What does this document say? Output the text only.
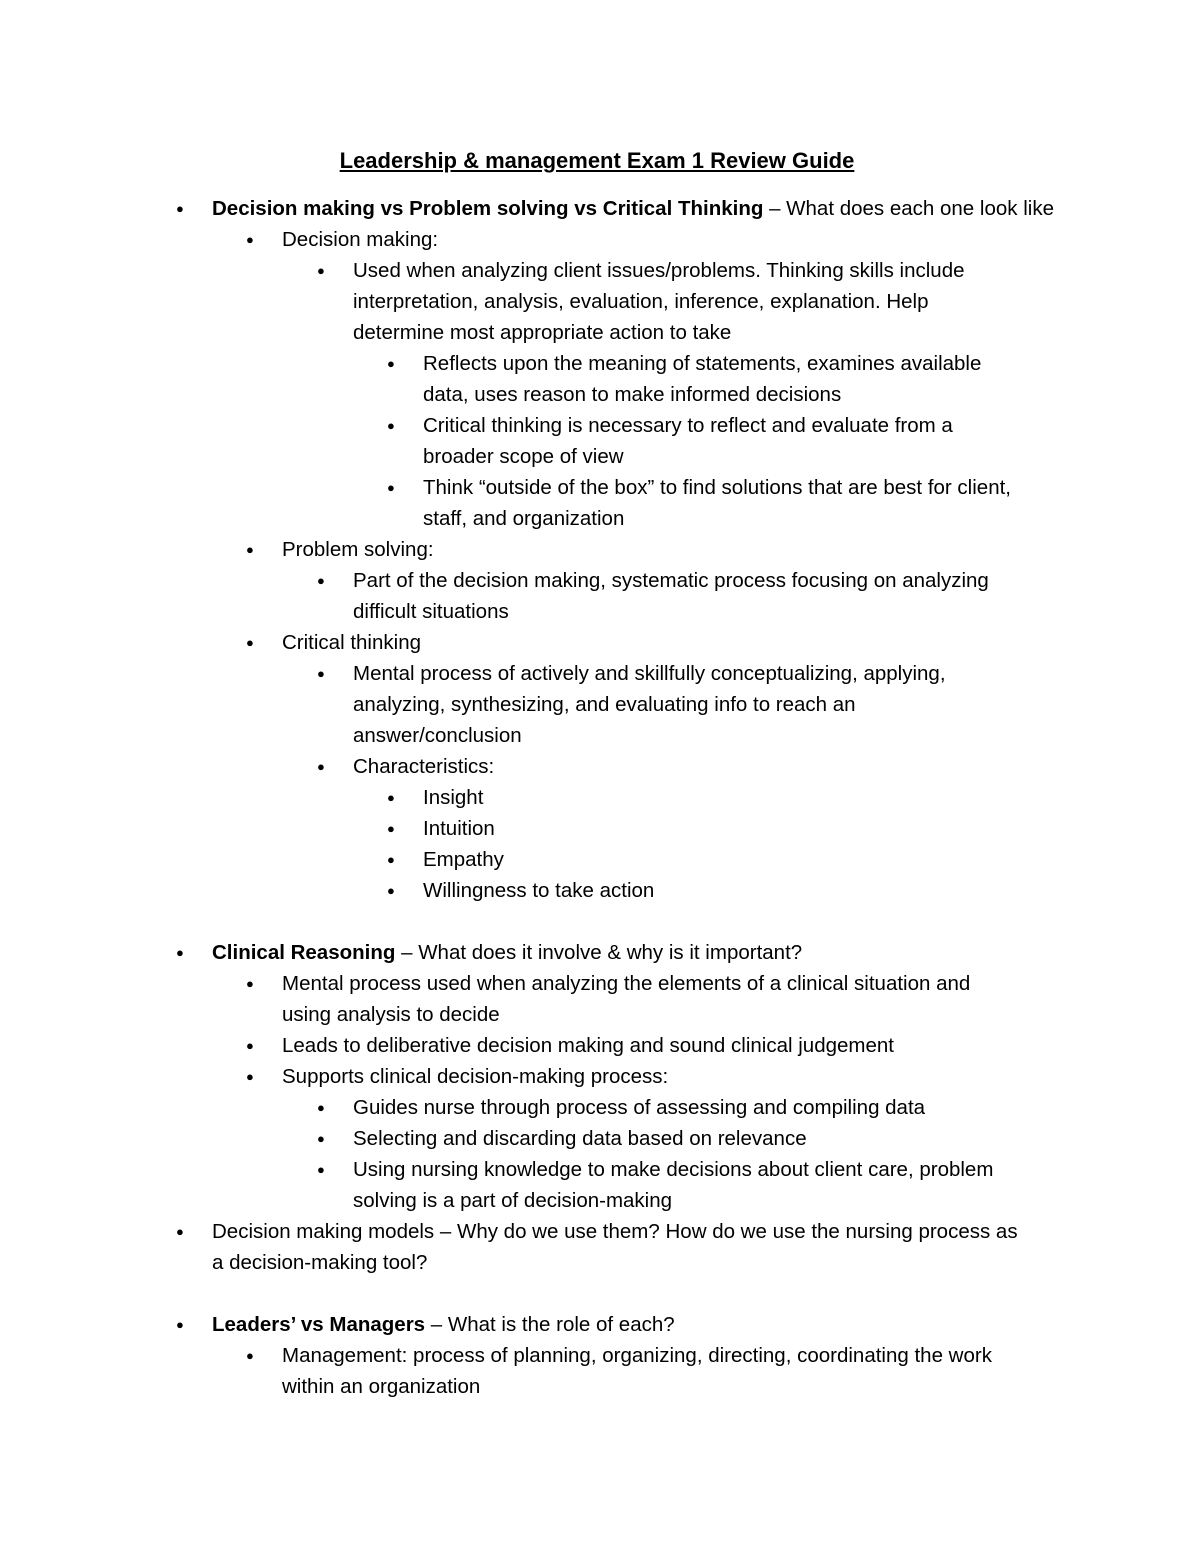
Leadership & management Exam 1 Review Guide
● Decision making vs Problem solving vs Critical Thinking – What does each one look like
● Decision making:
● Used when analyzing client issues/problems. Thinking skills include
interpretation, analysis, evaluation, inference, explanation. Help
determine most appropriate action to take
● Reflects upon the meaning of statements, examines available
data, uses reason to make informed decisions
● Critical thinking is necessary to reflect and evaluate from a
broader scope of view
● Think “outside of the box” to find solutions that are best for client,
staff, and organization
● Problem solving:
● Part of the decision making, systematic process focusing on analyzing
difficult situations
● Critical thinking
● Mental process of actively and skillfully conceptualizing, applying,
analyzing, synthesizing, and evaluating info to reach an
answer/conclusion
● Characteristics:
● Insight
● Intuition
● Empathy
● Willingness to take action
● Clinical Reasoning – What does it involve & why is it important?
● Mental process used when analyzing the elements of a clinical situation and
using analysis to decide
● Leads to deliberative decision making and sound clinical judgement
● Supports clinical decision-making process:
● Guides nurse through process of assessing and compiling data
● Selecting and discarding data based on relevance
● Using nursing knowledge to make decisions about client care, problem
solving is a part of decision-making
● Decision making models – Why do we use them? How do we use the nursing process as
a decision-making tool?
● Leaders’ vs Managers – What is the role of each?
● Management: process of planning, organizing, directing, coordinating the work
within an organization
